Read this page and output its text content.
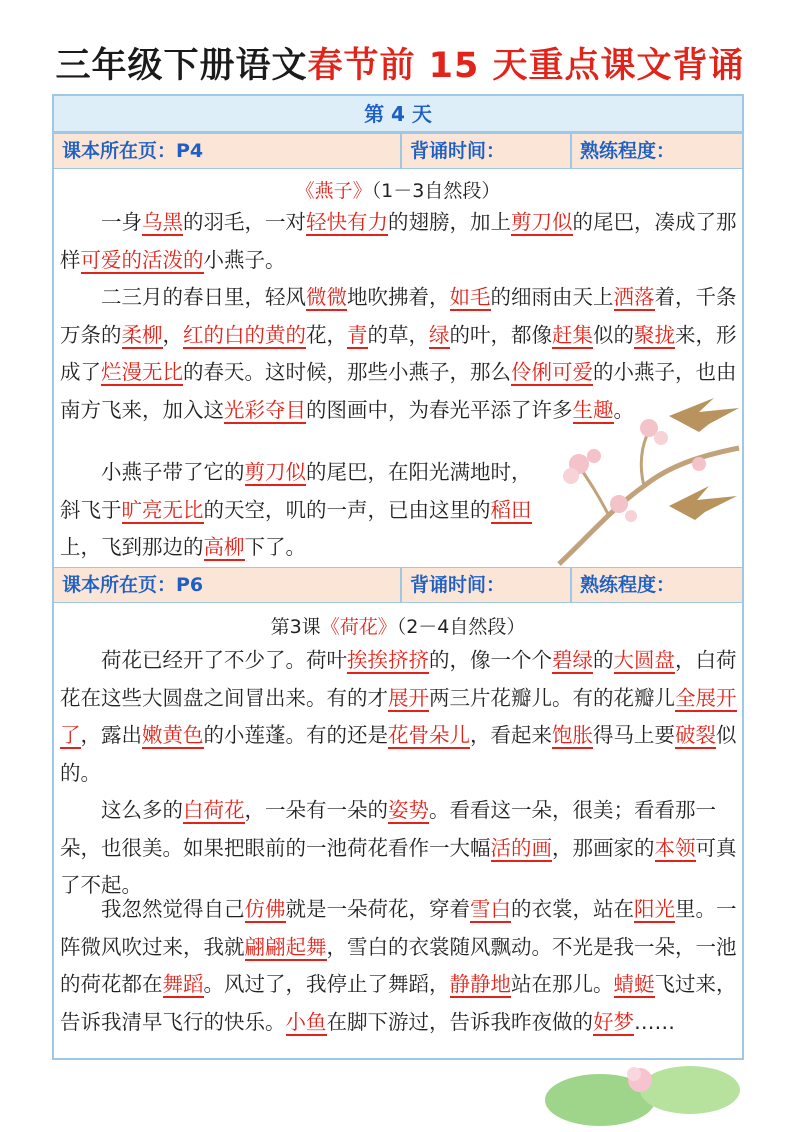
三年级下册语文春节前 15 天重点课文背诵
第 4 天
课本所在页：P4	背诵时间：	熟练程度：
《燕子》（1－3自然段）
　　一身乌黑的羽毛，一对轻快有力的翅膀，加上剪刀似的尾巴，凑成了那样可爱的活泼的小燕子。
　　二三月的春日里，轻风微微地吹拂着，如毛的细雨由天上洒落着，千条万条的柔柳，红的白的黄的花，青的草，绿的叶，都像赶集似的聚拢来，形成了烂漫无比的春天。这时候，那些小燕子，那么伶俐可爱的小燕子，也由南方飞来，加入这光彩夺目的图画中，为春光平添了许多生趣。
　　小燕子带了它的剪刀似的尾巴，在阳光满地时，斜飞于旷亮无比的天空，叽的一声，已由这里的稻田上，飞到那边的高柳下了。
课本所在页：P6	背诵时间：	熟练程度：
第3课《荷花》（2－4自然段）
　　荷花已经开了不少了。荷叶挨挨挤挤的，像一个个碧绿的大圆盘，白荷花在这些大圆盘之间冒出来。有的才展开两三片花瓣儿。有的花瓣儿全展开了，露出嫩黄色的小莲蓬。有的还是花骨朵儿，看起来饱胀得马上要破裂似的。
　　这么多的白荷花，一朵有一朵的姿势。看看这一朵，很美；看看那一朵，也很美。如果把眼前的一池荷花看作一大幅活的画，那画家的本领可真了不起。
　　我忽然觉得自己仿佛就是一朵荷花，穿着雪白的衣裳，站在阳光里。一阵微风吹过来，我就翩翩起舞，雪白的衣裳随风飘动。不光是我一朵，一池的荷花都在舞蹈。风过了，我停止了舞蹈，静静地站在那儿。蜻蜓飞过来，告诉我清早飞行的快乐。小鱼在脚下游过，告诉我昨夜做的好梦……
